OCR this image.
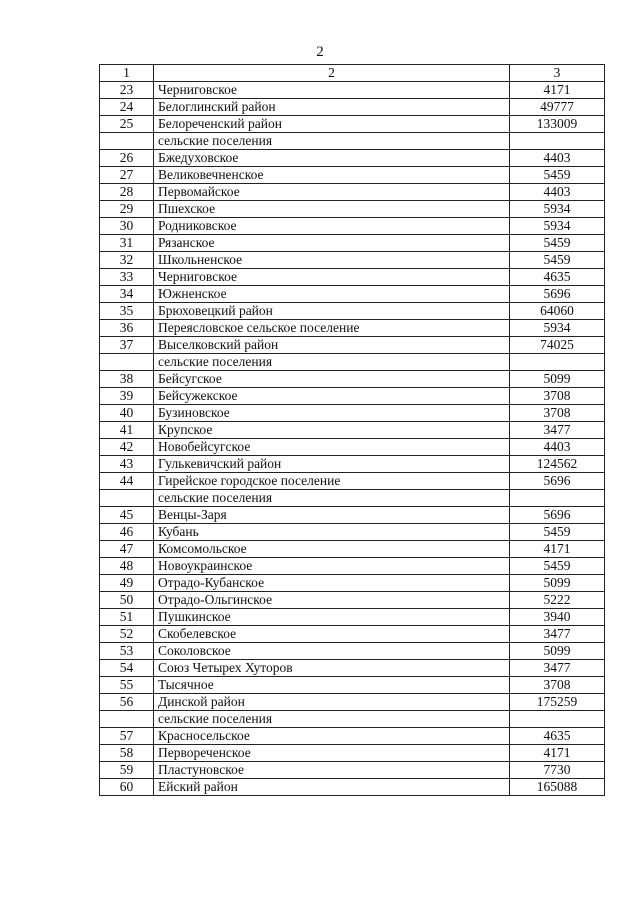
2
1	2	3
23	Черниговское	4171
24	Белоглинский район	49777
25	Белореченский район	133009
	сельские поселения	
26	Бжедуховское	4403
27	Великовечненское	5459
28	Первомайское	4403
29	Пшехское	5934
30	Родниковское	5934
31	Рязанское	5459
32	Школьненское	5459
33	Черниговское	4635
34	Южненское	5696
35	Брюховецкий район	64060
36	Переясловское сельское поселение	5934
37	Выселковский район	74025
	сельские поселения	
38	Бейсугское	5099
39	Бейсужекское	3708
40	Бузиновское	3708
41	Крупское	3477
42	Новобейсугское	4403
43	Гулькевичский район	124562
44	Гирейское городское поселение	5696
	сельские поселения	
45	Венцы-Заря	5696
46	Кубань	5459
47	Комсомольское	4171
48	Новоукраинское	5459
49	Отрадо-Кубанское	5099
50	Отрадо-Ольгинское	5222
51	Пушкинское	3940
52	Скобелевское	3477
53	Соколовское	5099
54	Союз Четырех Хуторов	3477
55	Тысячное	3708
56	Динской район	175259
	сельские поселения	
57	Красносельское	4635
58	Первореченское	4171
59	Пластуновское	7730
60	Ейский район	165088
